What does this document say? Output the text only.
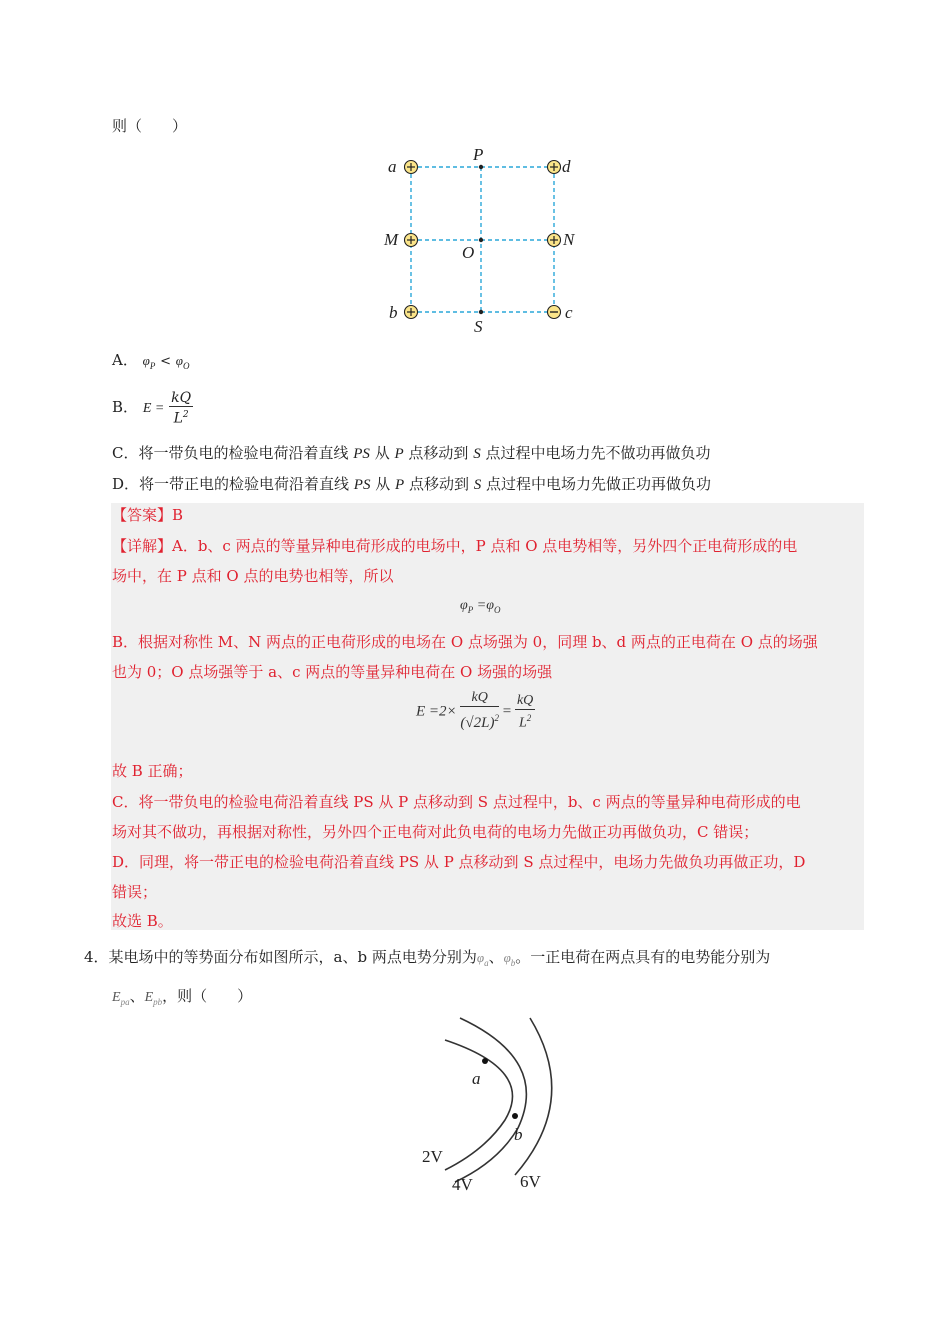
则（　　）
a	d
P
M	N
O
b	c
S
A． $\varphi_P < \varphi_O$
B． $E = \frac{kQ}{L^2}$
C．将一带负电的检验电荷沿着直线 PS 从 P 点移动到 S 点过程中电场力先不做功再做负功
D．将一带正电的检验电荷沿着直线 PS 从 P 点移动到 S 点过程中电场力先做正功再做负功
【答案】B
【详解】A．b、c 两点的等量异种电荷形成的电场中，P 点和 O 点电势相等，另外四个正电荷形成的电
场中，在 P 点和 O 点的电势也相等，所以
$\varphi_P =\varphi_O$
B．根据对称性 M、N 两点的正电荷形成的电场在 O 点场强为 0，同理 b、d 两点的正电荷在 O 点的场强
也为 0；O 点场强等于 a、c 两点的等量异种电荷在 O 场强的场强
$E =2\times \frac{kQ}{(√2L)^2} = \frac{kQ}{L^2}$
故 B 正确；
C．将一带负电的检验电荷沿着直线 PS 从 P 点移动到 S 点过程中，b、c 两点的等量异种电荷形成的电
场对其不做功，再根据对称性，另外四个正电荷对此负电荷的电场力先做正功再做负功，C 错误；
D．同理，将一带正电的检验电荷沿着直线 PS 从 P 点移动到 S 点过程中，电场力先做负功再做正功，D
错误；
故选 B。
4．某电场中的等势面分布如图所示，a、b 两点电势分别为$\varphi_a$、$\varphi_b$。一正电荷在两点具有的电势能分别为
$E_{pa}$、$E_{pb}$，则（　　）
a
b
2V
4V	6V
